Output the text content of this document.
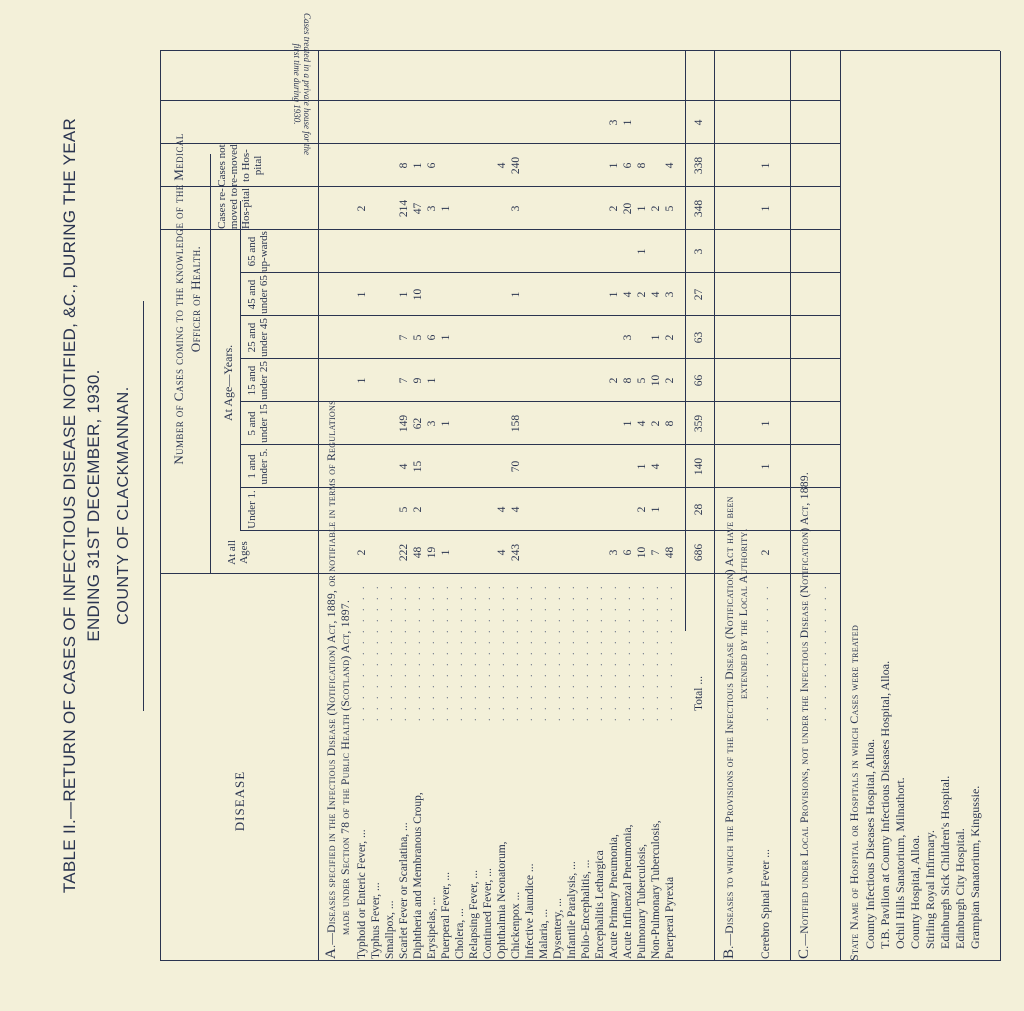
TABLE II.—RETURN OF CASES OF INFECTIOUS DISEASE NOTIFIED, &C., DURING THE YEAR ENDING 31ST DECEMBER, 1930. COUNTY OF CLACKMANNAN.
Number of Cases coming to the knowledge of the Medical Officer of Health.
DISEASE
At Age—Years.
At all Ages
Under 1.
1 and under 5.
5 and under 15
15 and under 25
25 and under 45
45 and under 65
65 and up-wards
Cases re-moved to Hos-pital
Cases not re-moved to Hos-pital
Cases treated in a private house for the first time during 1930.
A.—Diseases specified in the Infectious Disease (Notification) Act, 1889, or notifiable in terms of Regulations made under Section 78 of the Public Health (Scotland) Act, 1897. Typhoid or Enteric Fever, ...
. . . . . . . . . . . . .
2
1
1
2
Typhus Fever, ...
. . . . . . . . . . . . .
Smallpox, ...
. . . . . . . . . . . . .
Scarlet Fever or Scarlatina, ...
. . . . . . . . . . . . .
222
5
4
149
7
7
1
214
8
Diphtheria and Membranous Croup,
. . . . . . . . . . . . .
48
2
15
62
9
5
10
47
1
Erysipelas, ...
. . . . . . . . . . . . .
19
3
1
6
3
6
Puerperal Fever, ...
. . . . . . . . . . . . .
1
1
1
1
Cholera, ...
. . . . . . . . . . . . .
Relapsing Fever, ...
. . . . . . . . . . . . .
Continued Fever, ...
. . . . . . . . . . . . .
Ophthalmia Neonatorum,
. . . . . . . . . . . . .
4
4
4
Chickenpox ...
. . . . . . . . . . . . .
243
4
70
158
1
3
240
Infective Jaundice ...
. . . . . . . . . . . . .
Malaria, ...
. . . . . . . . . . . . .
Dysentery, ...
. . . . . . . . . . . . .
Infantile Paralysis, ...
. . . . . . . . . . . . .
Polio-Encephalitis, ...
. . . . . . . . . . . . .
Encephalitis Lethargica
. . . . . . . . . . . . .
Acute Primary Pneumonia,
. . . . . . . . . . . . .
3
2
1
2
1
3
Acute Influenzal Pneumonia,
. . . . . . . . . . . . .
6
1
8
3
4
20
6
1
Pulmonary Tuberculosis,
. . . . . . . . . . . . .
10
2
1
4
5
2
1
1
8
Non-Pulmonary Tuberculosis,
. . . . . . . . . . . . .
7
1
4
2
10
1
4
2
Puerperal Pyrexia
. . . . . . . . . . . . .
48
8
2
2
3
5
4
Total ...
686
28
140
359
66
63
27
3
348
338
4
B.—Diseases to which the Provisions of the Infectious Disease (Notification) Act have been extended by the Local Authority.
Cerebro Spinal Fever ...
. . . . . . . . . . . . .
2
1
1
1
1
C.—Notified under Local Provisions, not under the Infectious Disease (Notification) Act, 1889. . . . . . . . . . . . . . State Name of Hospital or Hospitals in which Cases were treated County Infectious Diseases Hospital, Alloa. T.B. Pavilion at County Infectious Diseases Hospital, Alloa. Ochil Hills Sanatorium, Milnathort. County Hospital, Alloa. Stirling Royal Infirmary. Edinburgh Sick Children's Hospital. Edinburgh City Hospital. Grampian Sanatorium, Kingussie.
